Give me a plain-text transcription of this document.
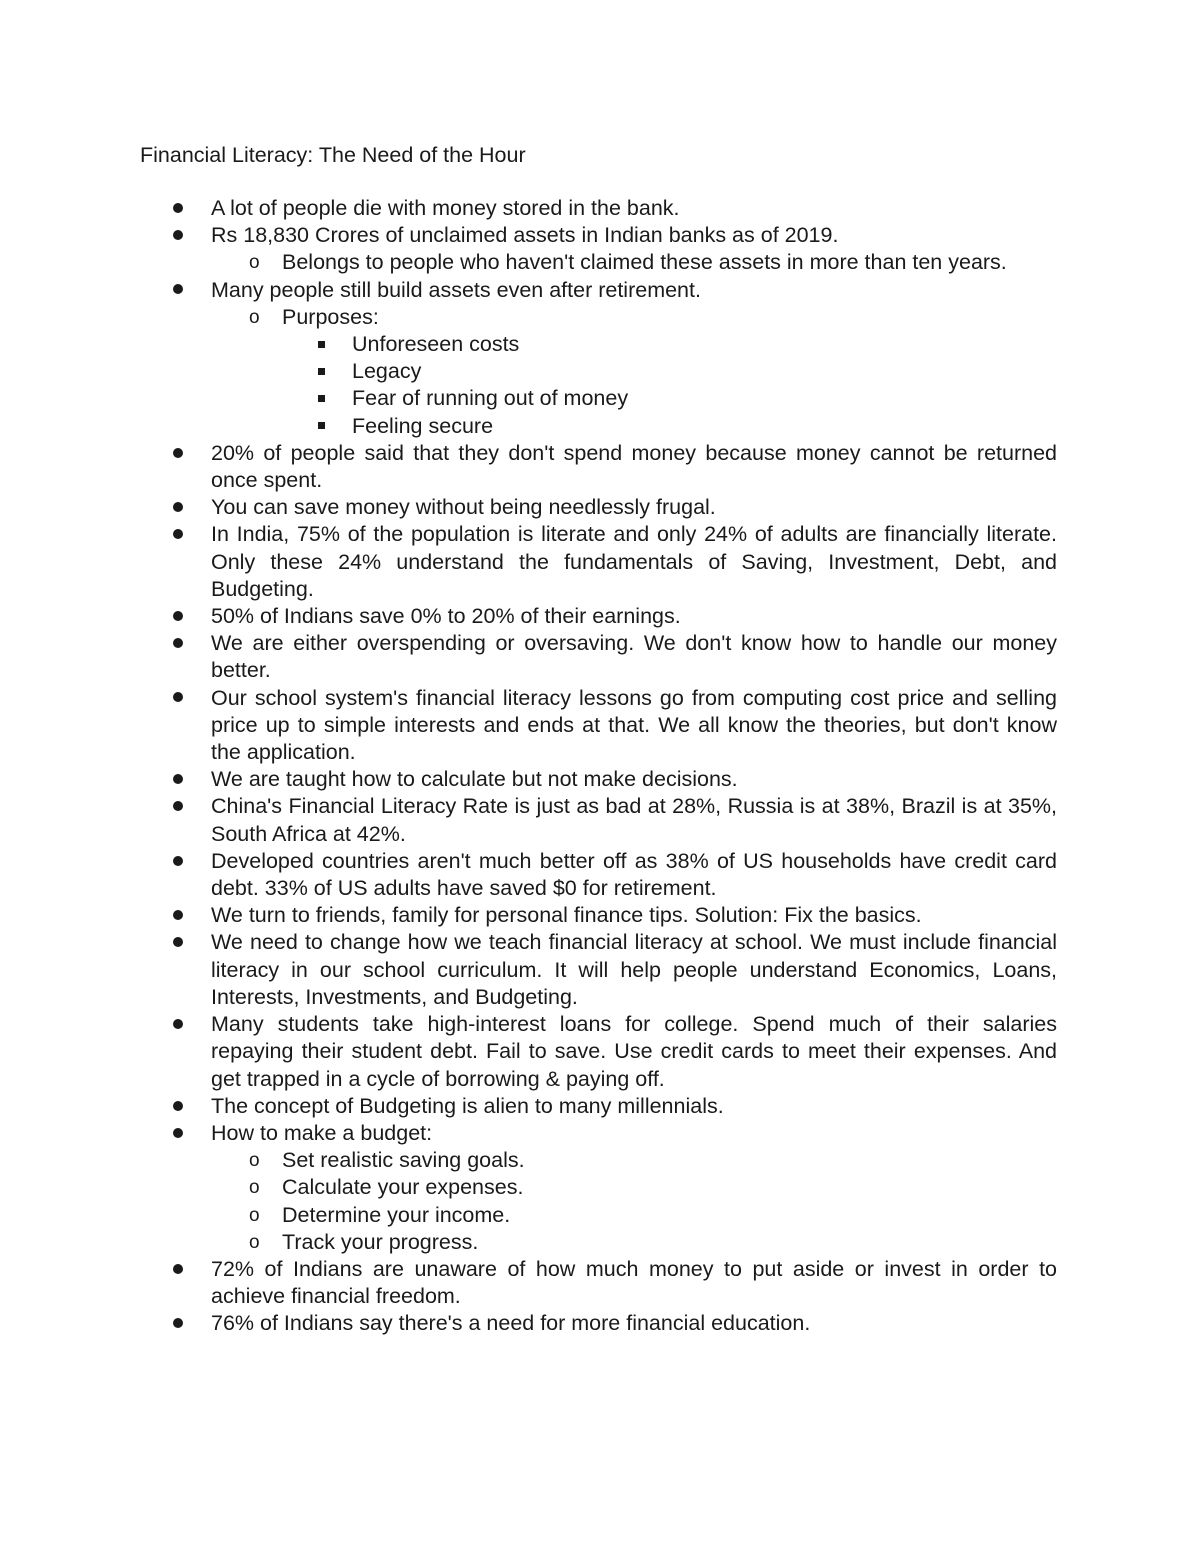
Financial Literacy: The Need of the Hour
A lot of people die with money stored in the bank.
Rs 18,830 Crores of unclaimed assets in Indian banks as of 2019.
o Belongs to people who haven't claimed these assets in more than ten years.
Many people still build assets even after retirement.
o Purposes:
Unforeseen costs
Legacy
Fear of running out of money
Feeling secure
20% of people said that they don't spend money because money cannot be returned once spent.
You can save money without being needlessly frugal.
In India, 75% of the population is literate and only 24% of adults are financially literate. Only these 24% understand the fundamentals of Saving, Investment, Debt, and Budgeting.
50% of Indians save 0% to 20% of their earnings.
We are either overspending or oversaving. We don't know how to handle our money better.
Our school system's financial literacy lessons go from computing cost price and selling price up to simple interests and ends at that. We all know the theories, but don't know the application.
We are taught how to calculate but not make decisions.
China's Financial Literacy Rate is just as bad at 28%, Russia is at 38%, Brazil is at 35%, South Africa at 42%.
Developed countries aren't much better off as 38% of US households have credit card debt. 33% of US adults have saved $0 for retirement.
We turn to friends, family for personal finance tips. Solution: Fix the basics.
We need to change how we teach financial literacy at school. We must include financial literacy in our school curriculum. It will help people understand Economics, Loans, Interests, Investments, and Budgeting.
Many students take high-interest loans for college. Spend much of their salaries repaying their student debt. Fail to save. Use credit cards to meet their expenses. And get trapped in a cycle of borrowing & paying off.
The concept of Budgeting is alien to many millennials.
How to make a budget:
o Set realistic saving goals.
o Calculate your expenses.
o Determine your income.
o Track your progress.
72% of Indians are unaware of how much money to put aside or invest in order to achieve financial freedom.
76% of Indians say there's a need for more financial education.
